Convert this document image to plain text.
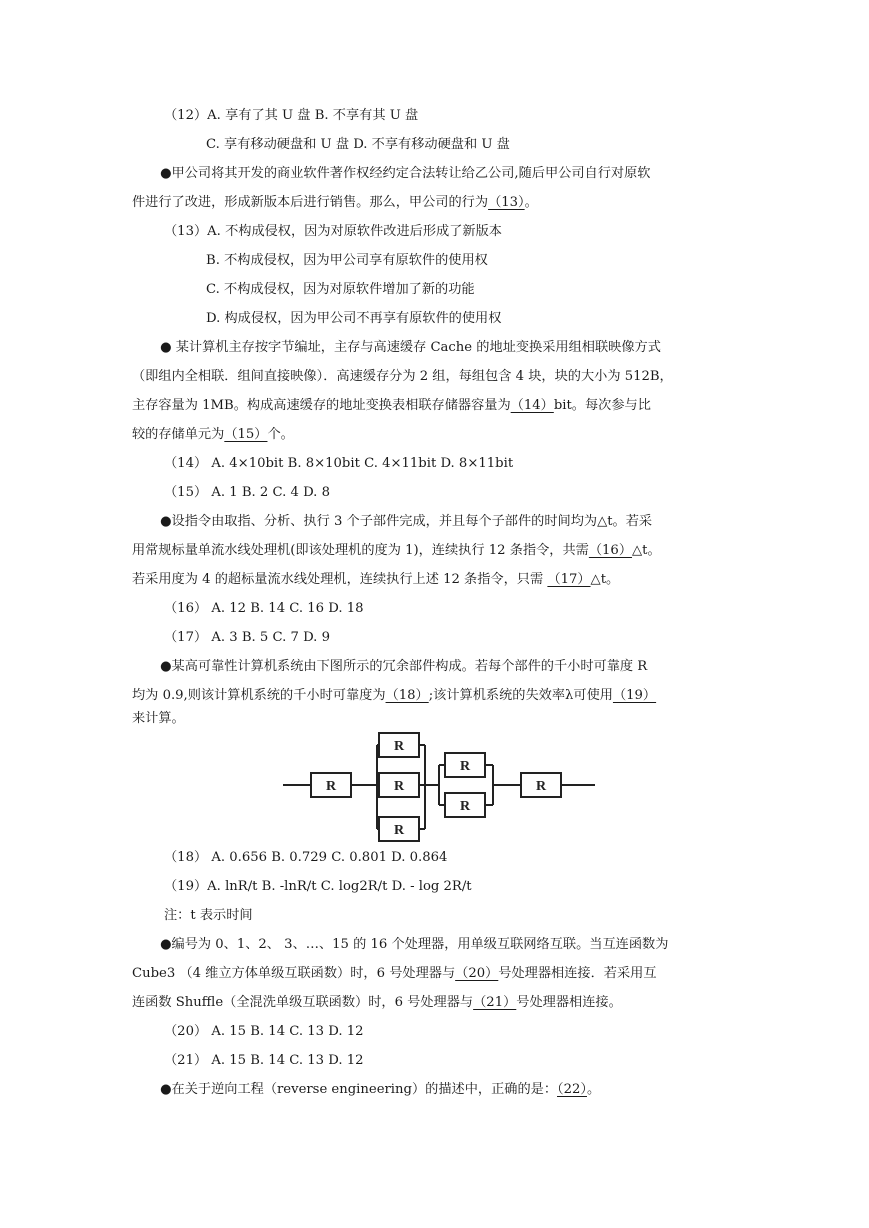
（12）A. 享有了其 U 盘 B. 不享有其 U 盘
C. 享有移动硬盘和 U 盘 D. 不享有移动硬盘和 U 盘
●甲公司将其开发的商业软件著作权经约定合法转让给乙公司,随后甲公司自行对原软
件进行了改进，形成新版本后进行销售。那么，甲公司的行为（13）。
（13）A. 不构成侵权，因为对原软件改进后形成了新版本
B. 不构成侵权，因为甲公司享有原软件的使用权
C. 不构成侵权，因为对原软件增加了新的功能
D. 构成侵权，因为甲公司不再享有原软件的使用权
● 某计算机主存按字节编址，主存与高速缓存 Cache 的地址变换采用组相联映像方式
（即组内全相联．组间直接映像）．高速缓存分为 2 组，每组包含 4 块，块的大小为 512B，
主存容量为 1MB。构成高速缓存的地址变换表相联存储器容量为（14）bit。每次参与比
较的存储单元为（15）个。
（14） A. 4×10bit B. 8×10bit C. 4×11bit D. 8×11bit
（15） A. 1 B. 2 C. 4 D. 8
●设指令由取指、分析、执行 3 个子部件完成，并且每个子部件的时间均为△t。若采
用常规标量单流水线处理机(即该处理机的度为 1)，连续执行 12 条指令，共需（16）△t。
若采用度为 4 的超标量流水线处理机，连续执行上述 12 条指令，只需 （17）△t。
（16） A. 12 B. 14 C. 16 D. 18
（17） A. 3 B. 5 C. 7 D. 9
●某高可靠性计算机系统由下图所示的冗余部件构成。若每个部件的千小时可靠度 R
均为 0.9,则该计算机系统的千小时可靠度为（18）;该计算机系统的失效率λ可使用（19）
来计算。
R
R
R
R
R
R
R
（18） A. 0.656 B. 0.729 C. 0.801 D. 0.864
（19）A. lnR/t B. -lnR/t C. log2R/t D. - log 2R/t
注：t 表示时间
●编号为 0、1、2、 3、…、15 的 16 个处理器，用单级互联网络互联。当互连函数为
Cube3 （4 维立方体单级互联函数）时，6 号处理器与（20）号处理器相连接．若采用互
连函数 Shuffle（全混洗单级互联函数）时，6 号处理器与（21）号处理器相连接。
（20） A. 15 B. 14 C. 13 D. 12
（21） A. 15 B. 14 C. 13 D. 12
●在关于逆向工程（reverse engineering）的描述中，正确的是：（22）。
